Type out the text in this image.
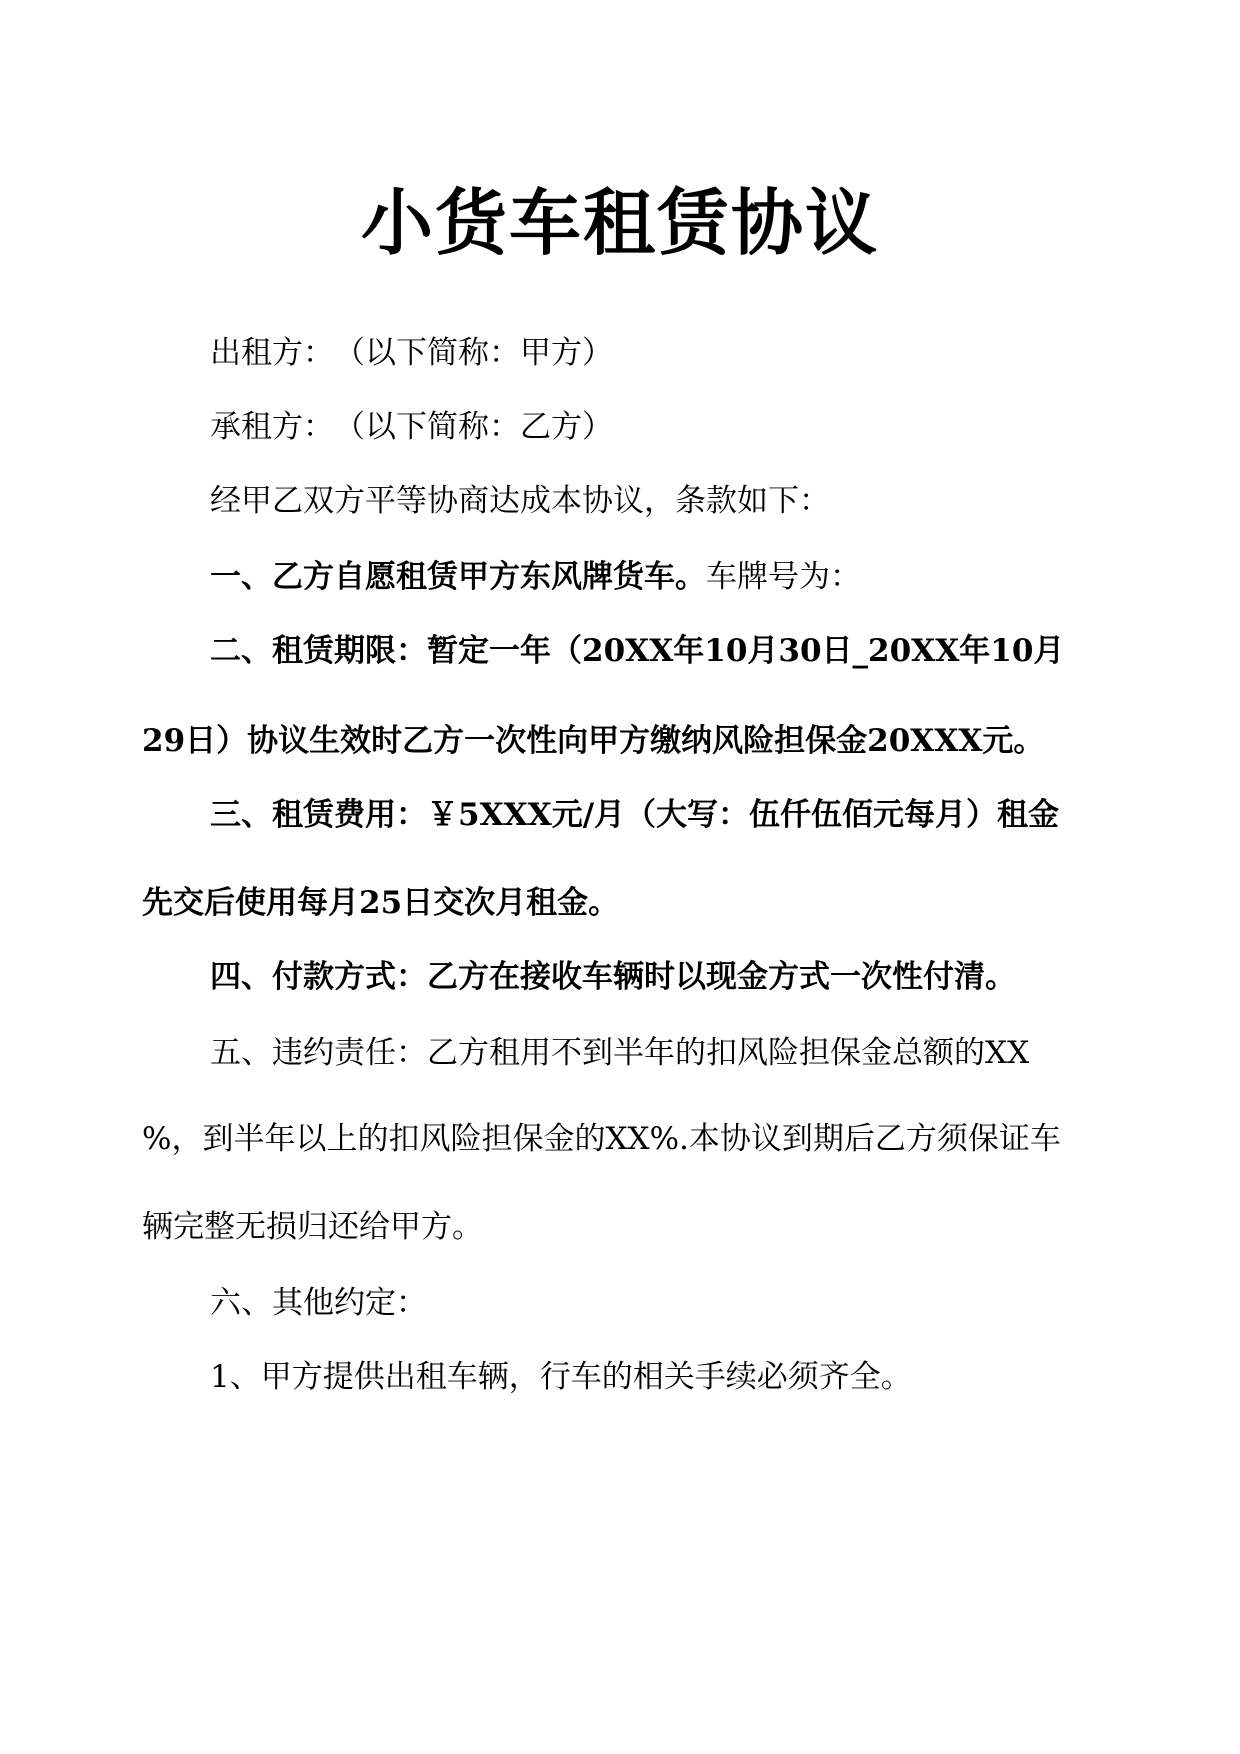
小货车租赁协议

出租方：　（以下简称：甲方）

承租方：　（以下简称：乙方）

经甲乙双方平等协商达成本协议，条款如下：

一、乙方自愿租赁甲方东风牌货车。车牌号为：

二、租赁期限：暂定一年（20XX年10月30日_20XX年10月

29日）协议生效时乙方一次性向甲方缴纳风险担保金20XXX元。

三、租赁费用：￥5XXX元/月（大写：伍仟伍佰元每月）租金

先交后使用每月25日交次月租金。

四、付款方式：乙方在接收车辆时以现金方式一次性付清。

五、违约责任：乙方租用不到半年的扣风险担保金总额的XX

%，到半年以上的扣风险担保金的XX%.本协议到期后乙方须保证车

辆完整无损归还给甲方。

六、其他约定：

1、甲方提供出租车辆，行车的相关手续必须齐全。
